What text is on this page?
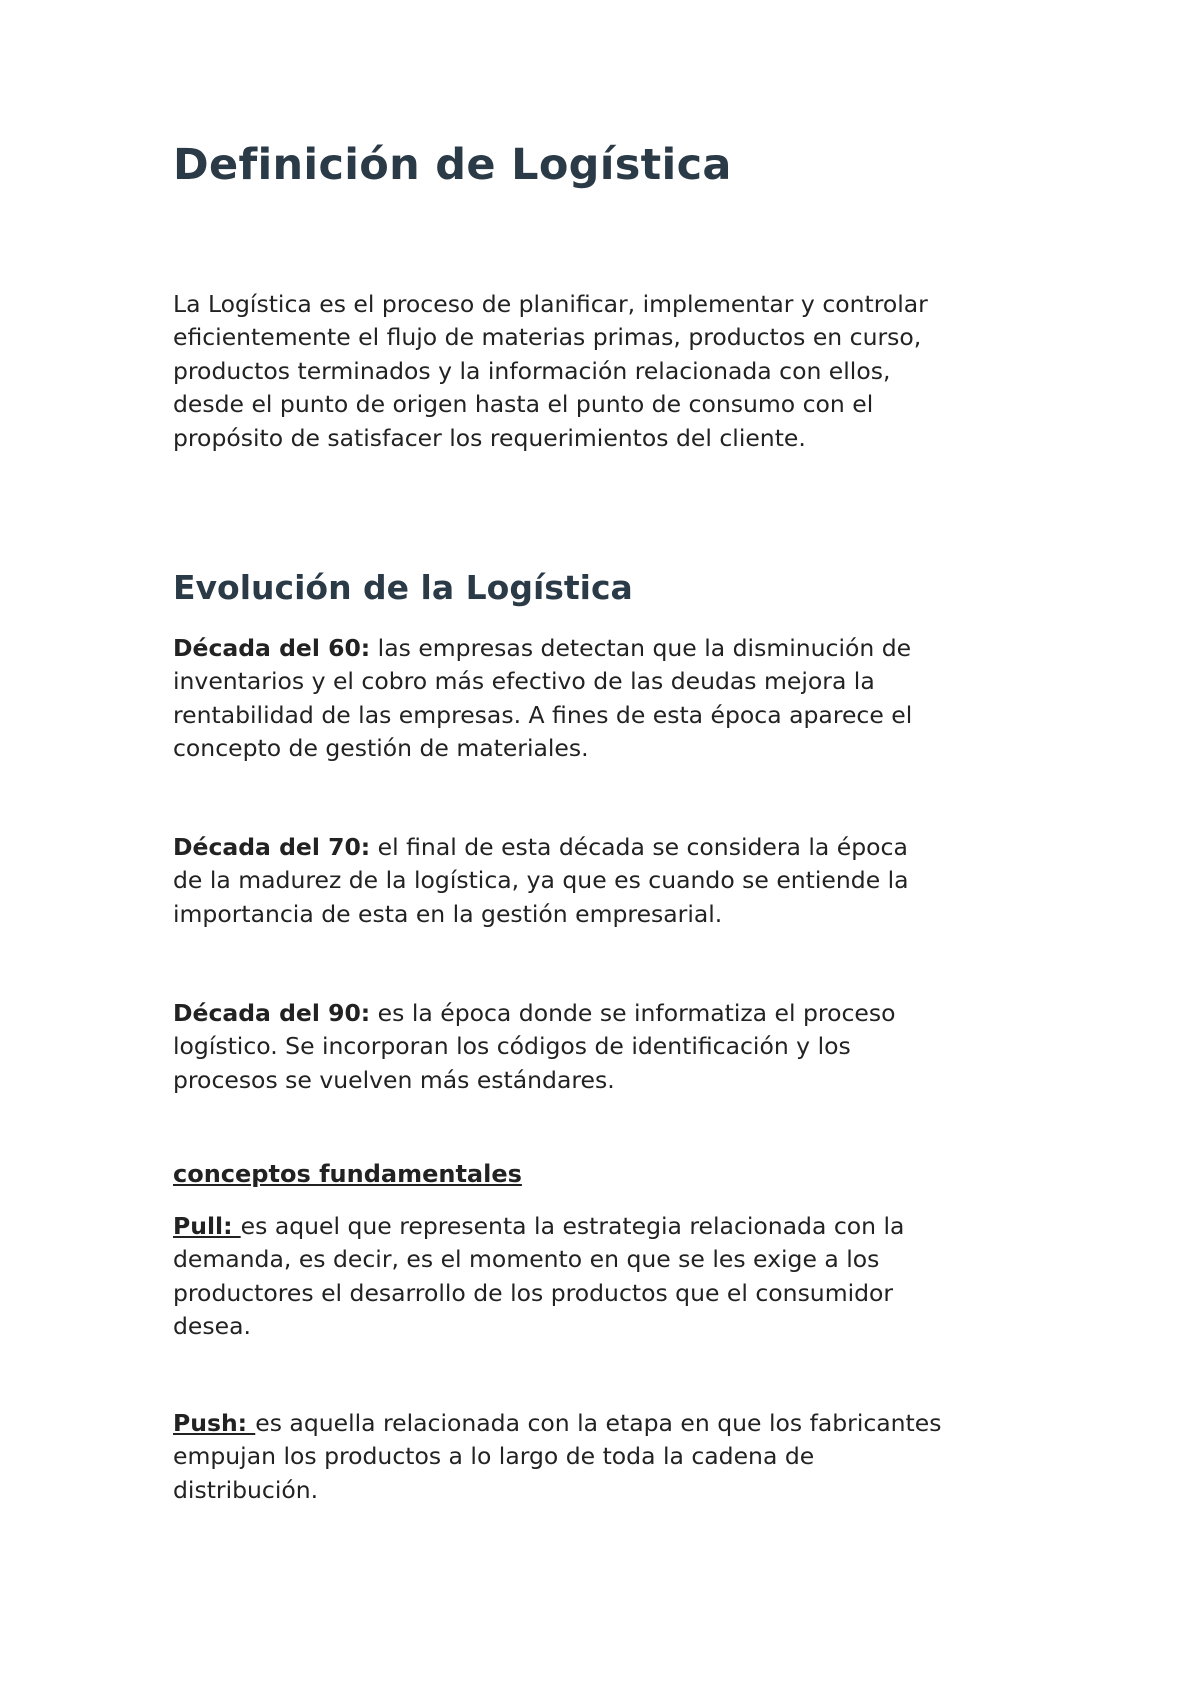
Definición de Logística
La Logística es el proceso de planificar, implementar y controlar
eficientemente el flujo de materias primas, productos en curso,
productos terminados y la información relacionada con ellos,
desde el punto de origen hasta el punto de consumo con el
propósito de satisfacer los requerimientos del cliente.
Evolución de la Logística
Década del 60: las empresas detectan que la disminución de
inventarios y el cobro más efectivo de las deudas mejora la
rentabilidad de las empresas. A fines de esta época aparece el
concepto de gestión de materiales.
Década del 70: el final de esta década se considera la época
de la madurez de la logística, ya que es cuando se entiende la
importancia de esta en la gestión empresarial.
Década del 90: es la época donde se informatiza el proceso
logístico. Se incorporan los códigos de identificación y los
procesos se vuelven más estándares.
conceptos fundamentales
Pull: es aquel que representa la estrategia relacionada con la
demanda, es decir, es el momento en que se les exige a los
productores el desarrollo de los productos que el consumidor
desea.
Push: es aquella relacionada con la etapa en que los fabricantes
empujan los productos a lo largo de toda la cadena de
distribución.
